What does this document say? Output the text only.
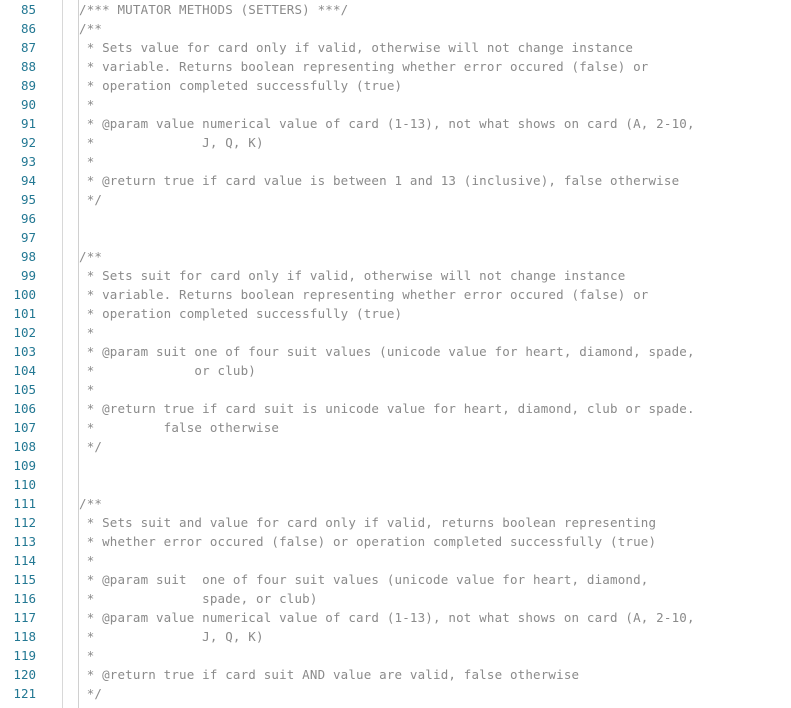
85	/*** MUTATOR METHODS (SETTERS) ***/
86	/**
87	* Sets value for card only if valid, otherwise will not change instance
88	* variable. Returns boolean representing whether error occured (false) or
89	* operation completed successfully (true)
90	*
91	* @param value numerical value of card (1-13), not what shows on card (A, 2-10,
92	*              J, Q, K)
93	*
94	* @return true if card value is between 1 and 13 (inclusive), false otherwise
95	*/
96
97
98	/**
99	* Sets suit for card only if valid, otherwise will not change instance
100	* variable. Returns boolean representing whether error occured (false) or
101	* operation completed successfully (true)
102	*
103	* @param suit one of four suit values (unicode value for heart, diamond, spade,
104	*             or club)
105	*
106	* @return true if card suit is unicode value for heart, diamond, club or spade.
107	*         false otherwise
108	*/
109
110
111	/**
112	* Sets suit and value for card only if valid, returns boolean representing
113	* whether error occured (false) or operation completed successfully (true)
114	*
115	* @param suit  one of four suit values (unicode value for heart, diamond,
116	*              spade, or club)
117	* @param value numerical value of card (1-13), not what shows on card (A, 2-10,
118	*              J, Q, K)
119	*
120	* @return true if card suit AND value are valid, false otherwise
121	*/
